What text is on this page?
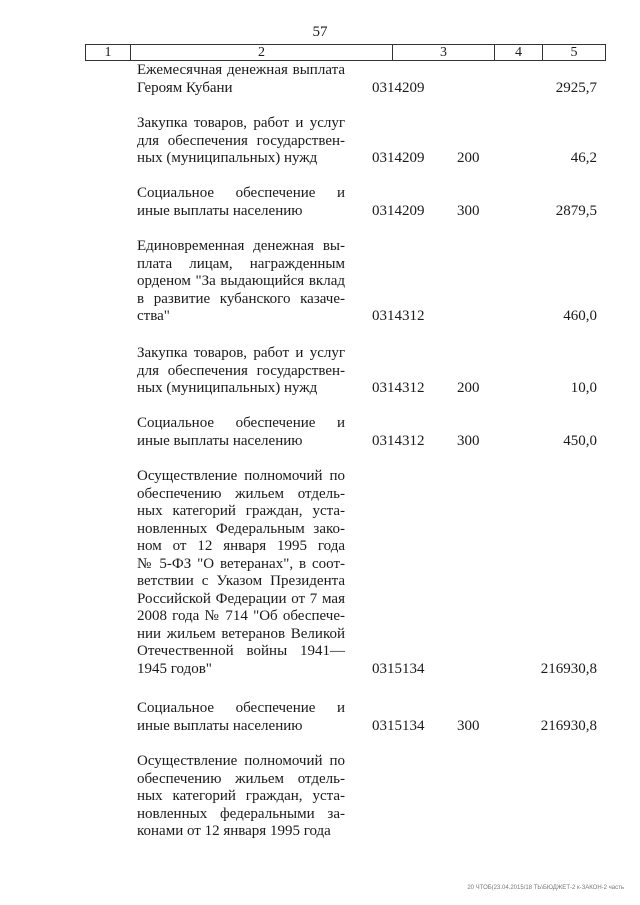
57
1	2	3	4	5
Ежемесячная денежная выплата
Героям Кубани	0314209	2925,7
Закупка товаров, работ и услуг
для обеспечения государствен-
ных (муниципальных) нужд	0314209 200	46,2
Социальное обеспечение и
иные выплаты населению	0314209 300	2879,5
Единовременная денежная вы-
плата лицам, награжденным
орденом "За выдающийся вклад
в развитие кубанского казаче-
ства"	0314312	460,0
Закупка товаров, работ и услуг
для обеспечения государствен-
ных (муниципальных) нужд	0314312 200	10,0
Социальное обеспечение и
иные выплаты населению	0314312 300	450,0
Осуществление полномочий по
обеспечению жильем отдель-
ных категорий граждан, уста-
новленных Федеральным зако-
ном от 12 января 1995 года
№ 5-ФЗ "О ветеранах", в соот-
ветствии с Указом Президента
Российской Федерации от 7 мая
2008 года № 714 "Об обеспече-
нии жильем ветеранов Великой
Отечественной войны 1941—
1945 годов"	0315134	216930,8
Социальное обеспечение и
иные выплаты населению	0315134 300	216930,8
Осуществление полномочий по
обеспечению жильем отдель-
ных категорий граждан, уста-
новленных федеральными за-
конами от 12 января 1995 года
20 ЧТОБ(23.04.2015/18 ТЬ\БЮДЖЕТ-2 к-ЗАКОН-2 часть
